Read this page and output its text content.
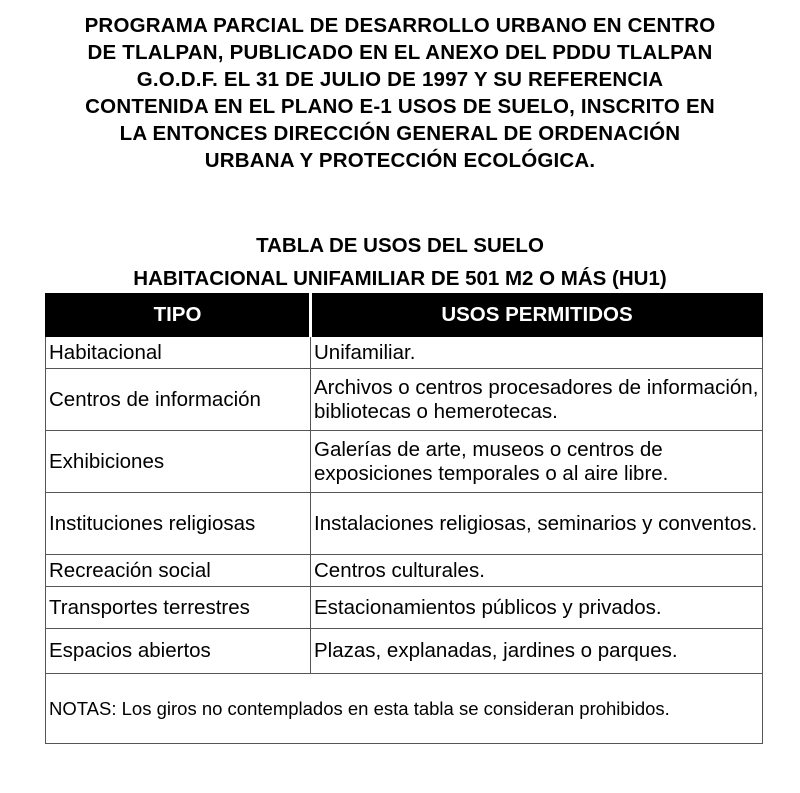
PROGRAMA PARCIAL DE DESARROLLO URBANO EN CENTRO
DE TLALPAN, PUBLICADO EN EL ANEXO DEL PDDU TLALPAN
G.O.D.F. EL 31 DE JULIO DE 1997 Y SU REFERENCIA
CONTENIDA EN EL PLANO E-1 USOS DE SUELO, INSCRITO EN
LA ENTONCES DIRECCIÓN GENERAL DE ORDENACIÓN
URBANA Y PROTECCIÓN ECOLÓGICA.
TABLA DE USOS DEL SUELO
HABITACIONAL UNIFAMILIAR DE 501 M2 O MÁS (HU1)
TIPO	USOS PERMITIDOS
Habitacional	Unifamiliar.
Centros de información	Archivos o centros procesadores de información, bibliotecas o hemerotecas.
Exhibiciones	Galerías de arte, museos o centros de exposiciones temporales o al aire libre.
Instituciones religiosas	Instalaciones religiosas, seminarios y conventos.
Recreación social	Centros culturales.
Transportes terrestres	Estacionamientos públicos y privados.
Espacios abiertos	Plazas, explanadas, jardines o parques.
NOTAS: Los giros no contemplados en esta tabla se consideran prohibidos.	
